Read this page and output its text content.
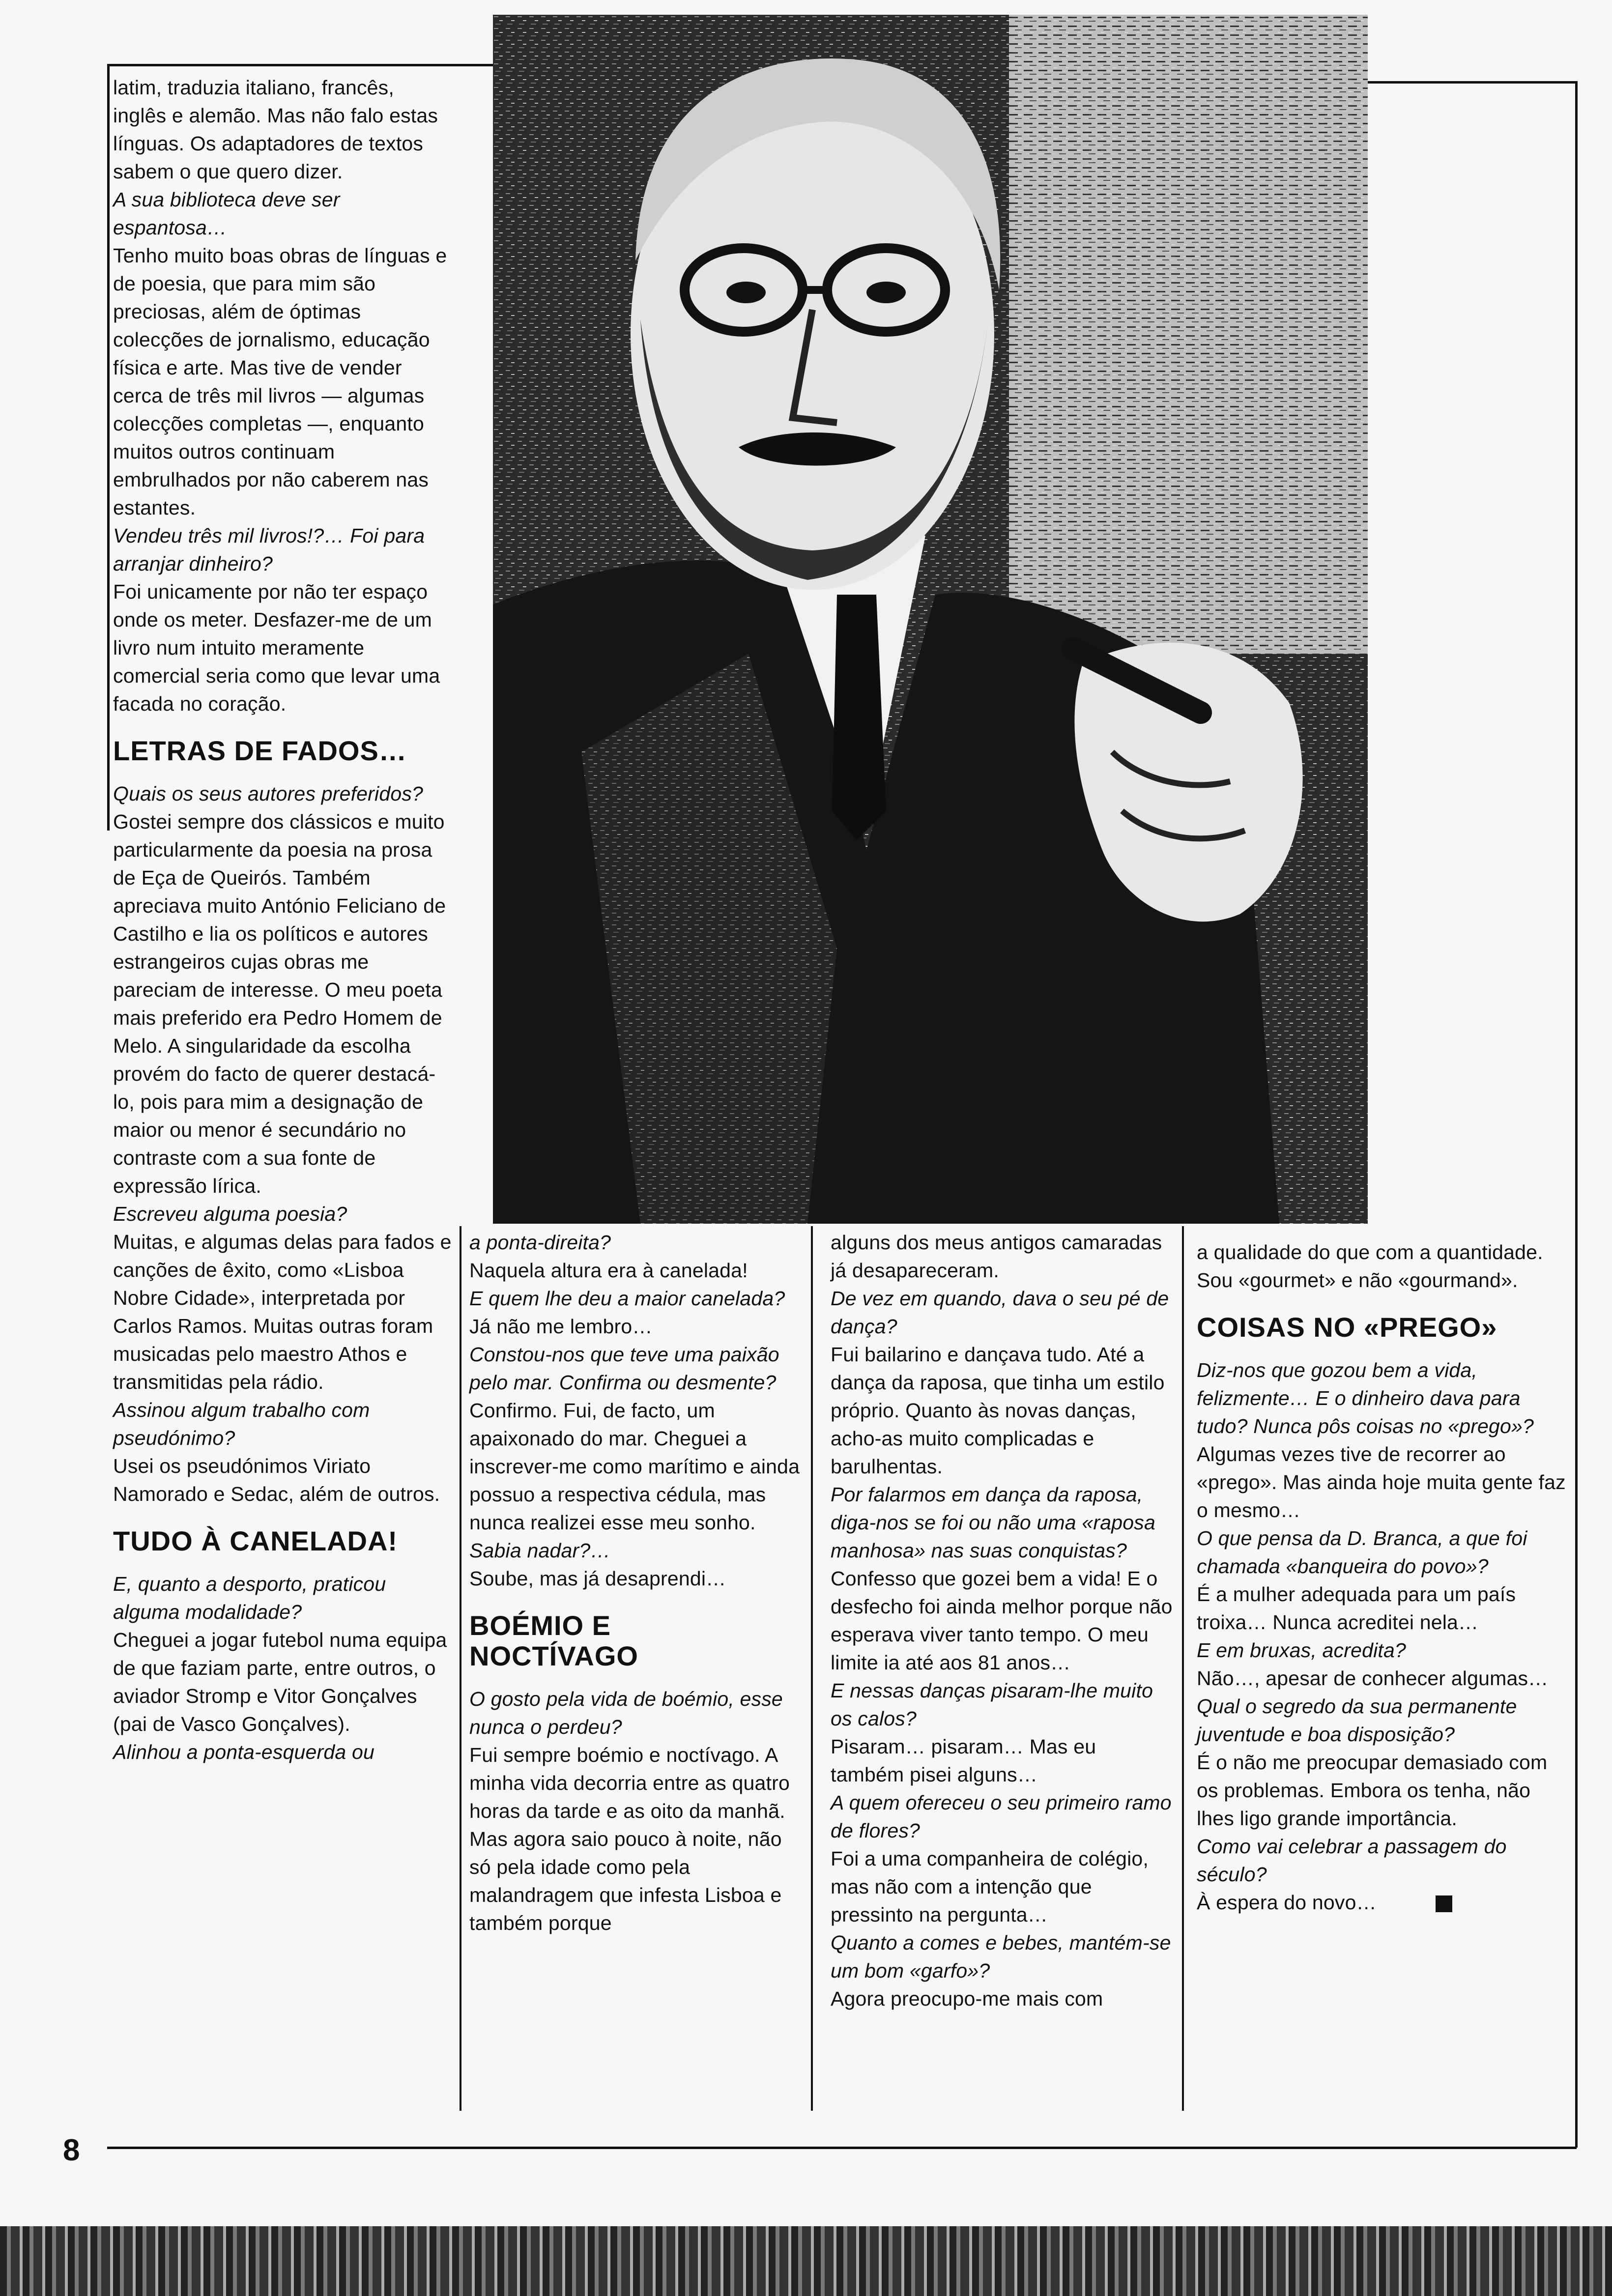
latim, traduzia italiano, francês, inglês e alemão. Mas não falo estas línguas. Os adaptadores de textos sabem o que quero dizer.

A sua biblioteca deve ser espantosa…

Tenho muito boas obras de línguas e de poesia, que para mim são preciosas, além de óptimas colecções de jornalismo, educação física e arte. Mas tive de vender cerca de três mil livros — algumas colecções completas —, enquanto muitos outros continuam embrulhados por não caberem nas estantes.

Vendeu três mil livros!?… Foi para arranjar dinheiro?

Foi unicamente por não ter espaço onde os meter. Desfazer-me de um livro num intuito meramente comercial seria como que levar uma facada no coração.

LETRAS DE FADOS…

Quais os seus autores preferidos?

Gostei sempre dos clássicos e muito particularmente da poesia na prosa de Eça de Queirós. Também apreciava muito António Feliciano de Castilho e lia os políticos e autores estrangeiros cujas obras me pareciam de interesse. O meu poeta mais preferido era Pedro Homem de Melo. A singularidade da escolha provém do facto de querer destacá-lo, pois para mim a designação de maior ou menor é secundário no contraste com a sua fonte de expressão lírica.

Escreveu alguma poesia?

Muitas, e algumas delas para fados e canções de êxito, como «Lisboa Nobre Cidade», interpretada por Carlos Ramos. Muitas outras foram musicadas pelo maestro Athos e transmitidas pela rádio.

Assinou algum trabalho com pseudónimo?

Usei os pseudónimos Viriato Namorado e Sedac, além de outros.

TUDO À CANELADA!

E, quanto a desporto, praticou alguma modalidade?

Cheguei a jogar futebol numa equipa de que faziam parte, entre outros, o aviador Stromp e Vitor Gonçalves (pai de Vasco Gonçalves).

Alinhou a ponta-esquerda ou

a ponta-direita?

Naquela altura era à canelada!

E quem lhe deu a maior canelada?

Já não me lembro…

Constou-nos que teve uma paixão pelo mar. Confirma ou desmente?

Confirmo. Fui, de facto, um apaixonado do mar. Cheguei a inscrever-me como marítimo e ainda possuo a respectiva cédula, mas nunca realizei esse meu sonho.

Sabia nadar?…

Soube, mas já desaprendi…

BOÉMIO E NOCTÍVAGO

O gosto pela vida de boémio, esse nunca o perdeu?

Fui sempre boémio e noctívago. A minha vida decorria entre as quatro horas da tarde e as oito da manhã. Mas agora saio pouco à noite, não só pela idade como pela malandragem que infesta Lisboa e também porque

alguns dos meus antigos camaradas já desapareceram.

De vez em quando, dava o seu pé de dança?

Fui bailarino e dançava tudo. Até a dança da raposa, que tinha um estilo próprio. Quanto às novas danças, acho-as muito complicadas e barulhentas.

Por falarmos em dança da raposa, diga-nos se foi ou não uma «raposa manhosa» nas suas conquistas?

Confesso que gozei bem a vida! E o desfecho foi ainda melhor porque não esperava viver tanto tempo. O meu limite ia até aos 81 anos…

E nessas danças pisaram-lhe muito os calos?

Pisaram… pisaram… Mas eu também pisei alguns…

A quem ofereceu o seu primeiro ramo de flores?

Foi a uma companheira de colégio, mas não com a intenção que pressinto na pergunta…

Quanto a comes e bebes, mantém-se um bom «garfo»?

Agora preocupo-me mais com

a qualidade do que com a quantidade. Sou «gourmet» e não «gourmand».

COISAS NO «PREGO»

Diz-nos que gozou bem a vida, felizmente… E o dinheiro dava para tudo? Nunca pôs coisas no «prego»?

Algumas vezes tive de recorrer ao «prego». Mas ainda hoje muita gente faz o mesmo…

O que pensa da D. Branca, a que foi chamada «banqueira do povo»?

É a mulher adequada para um país troixa… Nunca acreditei nela…

E em bruxas, acredita?

Não…, apesar de conhecer algumas…

Qual o segredo da sua permanente juventude e boa disposição?

É o não me preocupar demasiado com os problemas. Embora os tenha, não lhes ligo grande importância.

Como vai celebrar a passagem do século?

À espera do novo…

8
